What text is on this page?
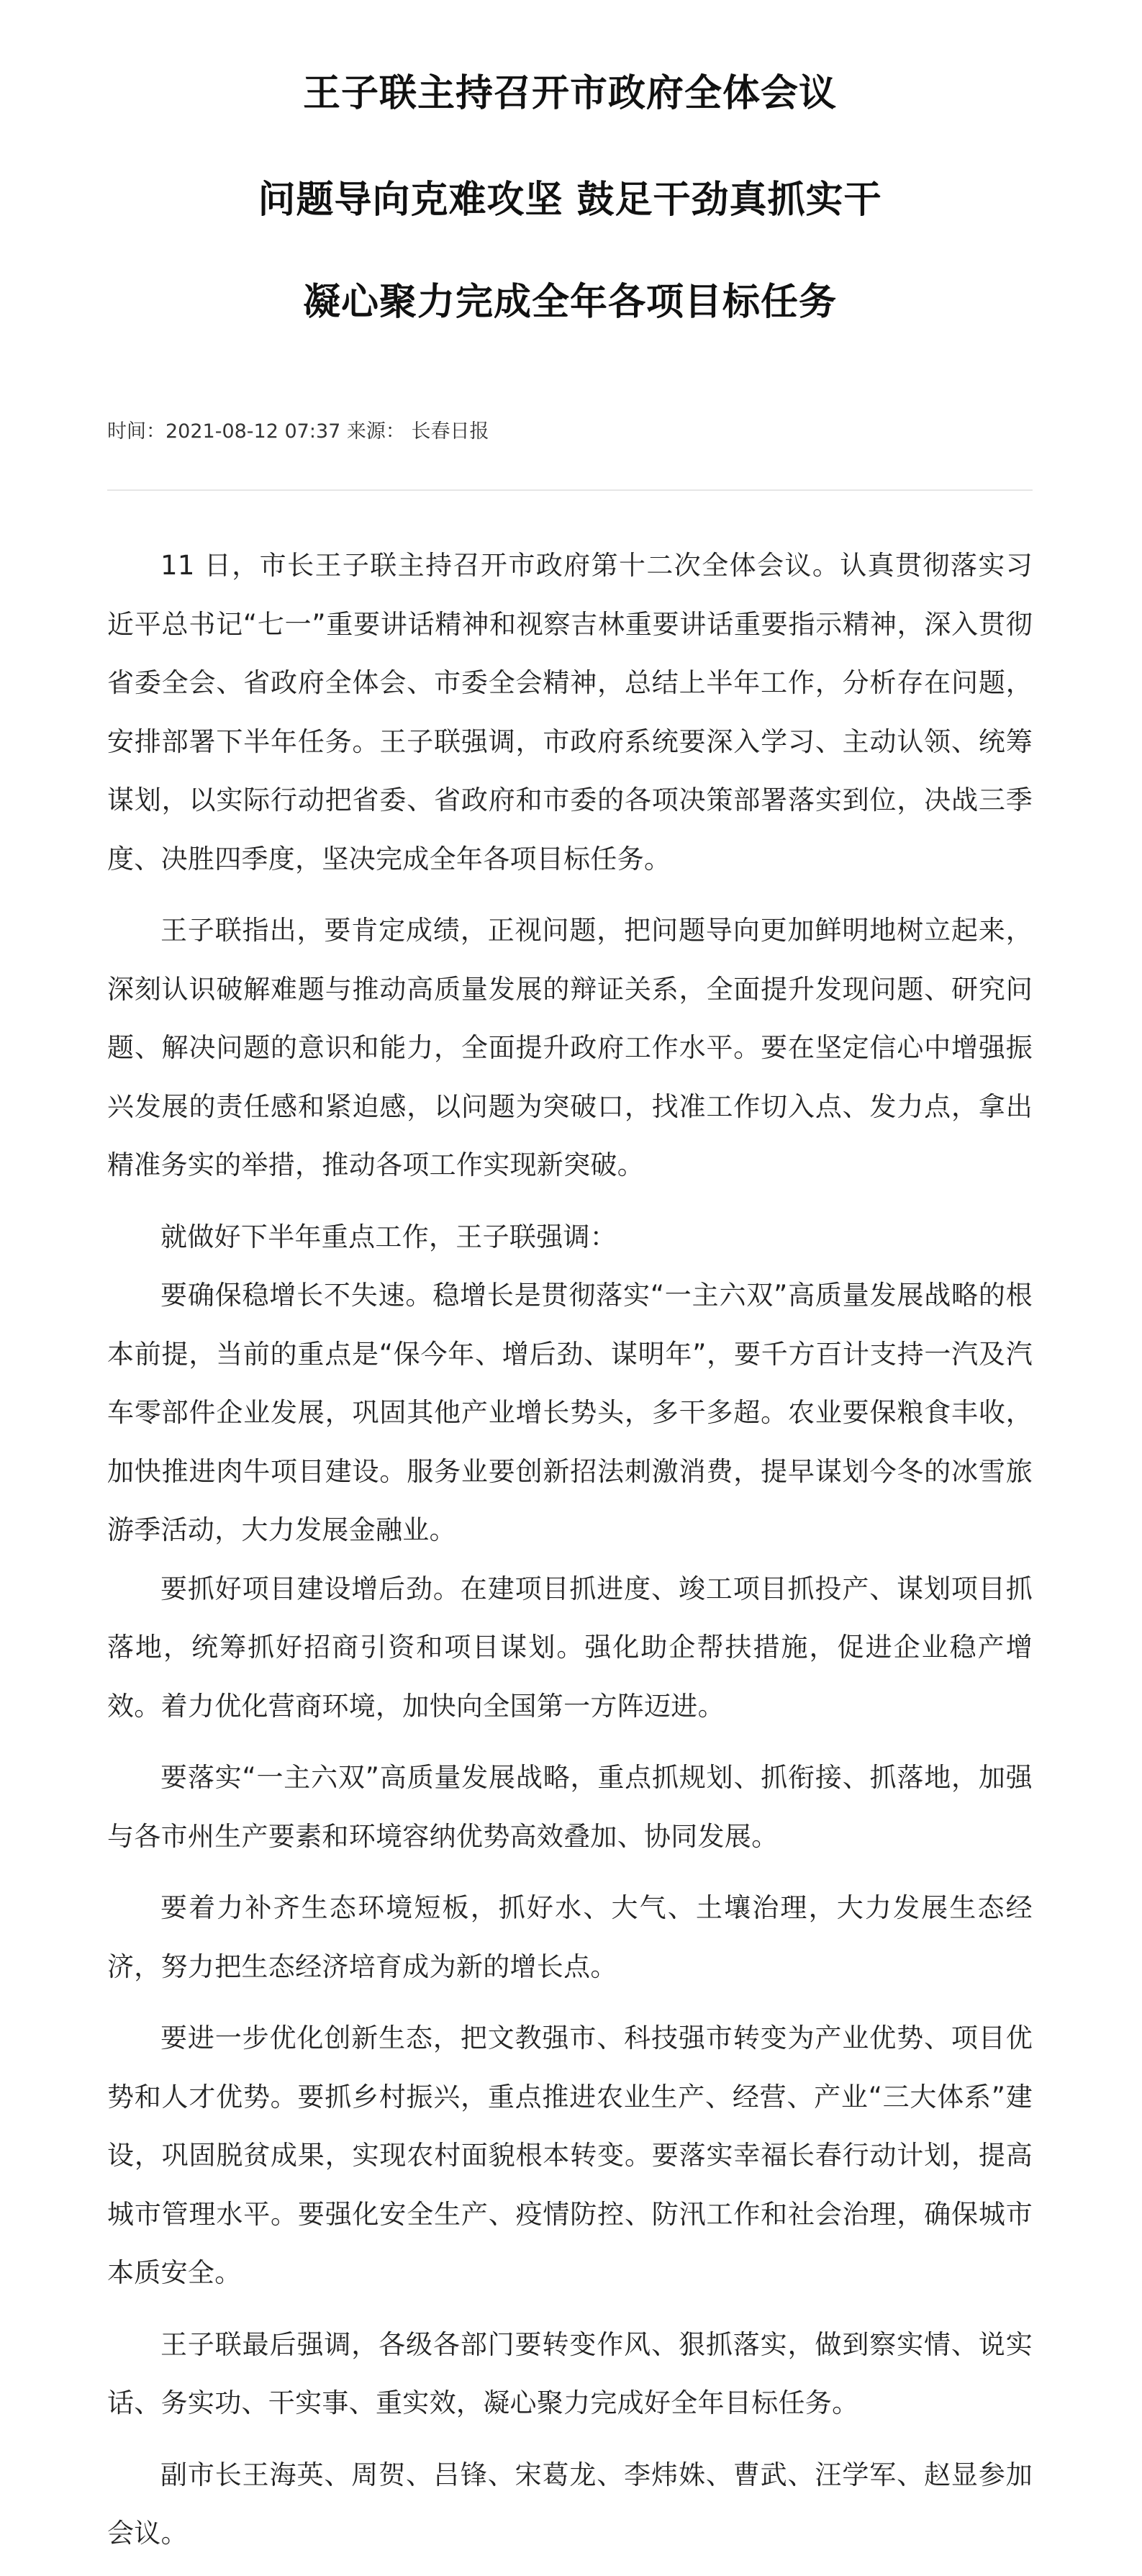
王子联主持召开市政府全体会议
问题导向克难攻坚 鼓足干劲真抓实干
凝心聚力完成全年各项目标任务
时间：2021-08-12 07:37 来源： 长春日报

11 日，市长王子联主持召开市政府第十二次全体会议。认真贯彻落实习近平总书记“七一”重要讲话精神和视察吉林重要讲话重要指示精神，深入贯彻省委全会、省政府全体会、市委全会精神，总结上半年工作，分析存在问题，安排部署下半年任务。王子联强调，市政府系统要深入学习、主动认领、统筹谋划，以实际行动把省委、省政府和市委的各项决策部署落实到位，决战三季度、决胜四季度，坚决完成全年各项目标任务。

王子联指出，要肯定成绩，正视问题，把问题导向更加鲜明地树立起来，深刻认识破解难题与推动高质量发展的辩证关系，全面提升发现问题、研究问题、解决问题的意识和能力，全面提升政府工作水平。要在坚定信心中增强振兴发展的责任感和紧迫感，以问题为突破口，找准工作切入点、发力点，拿出精准务实的举措，推动各项工作实现新突破。

就做好下半年重点工作，王子联强调：

要确保稳增长不失速。稳增长是贯彻落实“一主六双”高质量发展战略的根本前提，当前的重点是“保今年、增后劲、谋明年”，要千方百计支持一汽及汽车零部件企业发展，巩固其他产业增长势头，多干多超。农业要保粮食丰收，加快推进肉牛项目建设。服务业要创新招法刺激消费，提早谋划今冬的冰雪旅游季活动，大力发展金融业。

要抓好项目建设增后劲。在建项目抓进度、竣工项目抓投产、谋划项目抓落地，统筹抓好招商引资和项目谋划。强化助企帮扶措施，促进企业稳产增效。着力优化营商环境，加快向全国第一方阵迈进。

要落实“一主六双”高质量发展战略，重点抓规划、抓衔接、抓落地，加强与各市州生产要素和环境容纳优势高效叠加、协同发展。

要着力补齐生态环境短板，抓好水、大气、土壤治理，大力发展生态经济，努力把生态经济培育成为新的增长点。

要进一步优化创新生态，把文教强市、科技强市转变为产业优势、项目优势和人才优势。要抓乡村振兴，重点推进农业生产、经营、产业“三大体系”建设，巩固脱贫成果，实现农村面貌根本转变。要落实幸福长春行动计划，提高城市管理水平。要强化安全生产、疫情防控、防汛工作和社会治理，确保城市本质安全。

王子联最后强调，各级各部门要转变作风、狠抓落实，做到察实情、说实话、务实功、干实事、重实效，凝心聚力完成好全年目标任务。

副市长王海英、周贺、吕锋、宋葛龙、李炜姝、曹武、汪学军、赵显参加会议。
